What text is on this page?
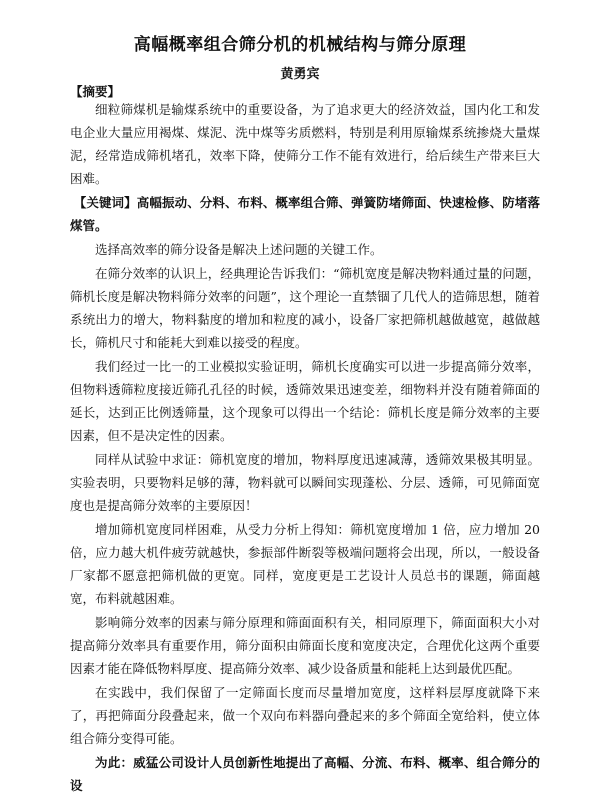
高幅概率组合筛分机的机械结构与筛分原理
黄勇宾
【摘要】

细粒筛煤机是输煤系统中的重要设备，为了追求更大的经济效益，国内化工和发电企业大量应用褐煤、煤泥、洗中煤等劣质燃料，特别是利用原输煤系统掺烧大量煤泥，经常造成筛机堵孔，效率下降，使筛分工作不能有效进行，给后续生产带来巨大困难。

【关键词】高幅振动、分料、布料、概率组合筛、弹簧防堵筛面、快速检修、防堵落煤管。

选择高效率的筛分设备是解决上述问题的关键工作。

在筛分效率的认识上，经典理论告诉我们：“筛机宽度是解决物料通过量的问题，筛机长度是解决物料筛分效率的问题”，这个理论一直禁锢了几代人的造筛思想，随着系统出力的增大，物料黏度的增加和粒度的减小，设备厂家把筛机越做越宽，越做越长，筛机尺寸和能耗大到难以接受的程度。

我们经过一比一的工业模拟实验证明，筛机长度确实可以进一步提高筛分效率，但物料透筛粒度接近筛孔孔径的时候，透筛效果迅速变差，细物料并没有随着筛面的延长，达到正比例透筛量，这个现象可以得出一个结论：筛机长度是筛分效率的主要因素，但不是决定性的因素。

同样从试验中求证：筛机宽度的增加，物料厚度迅速减薄，透筛效果极其明显。实验表明，只要物料足够的薄，物料就可以瞬间实现蓬松、分层、透筛，可见筛面宽度也是提高筛分效率的主要原因！

增加筛机宽度同样困难，从受力分析上得知：筛机宽度增加 1 倍，应力增加 20 倍，应力越大机件疲劳就越快，参振部件断裂等极端问题将会出现，所以，一般设备厂家都不愿意把筛机做的更宽。同样，宽度更是工艺设计人员总书的课题，筛面越宽，布料就越困难。

影响筛分效率的因素与筛分原理和筛面面积有关，相同原理下，筛面面积大小对提高筛分效率具有重要作用，筛分面积由筛面长度和宽度决定，合理优化这两个重要因素才能在降低物料厚度、提高筛分效率、减少设备质量和能耗上达到最优匹配。

在实践中，我们保留了一定筛面长度而尽量增加宽度，这样料层厚度就降下来了，再把筛面分段叠起来，做一个双向布料器向叠起来的多个筛面全宽给料，使立体组合筛分变得可能。

为此：威猛公司设计人员创新性地提出了高幅、分流、布料、概率、组合筛分的设
